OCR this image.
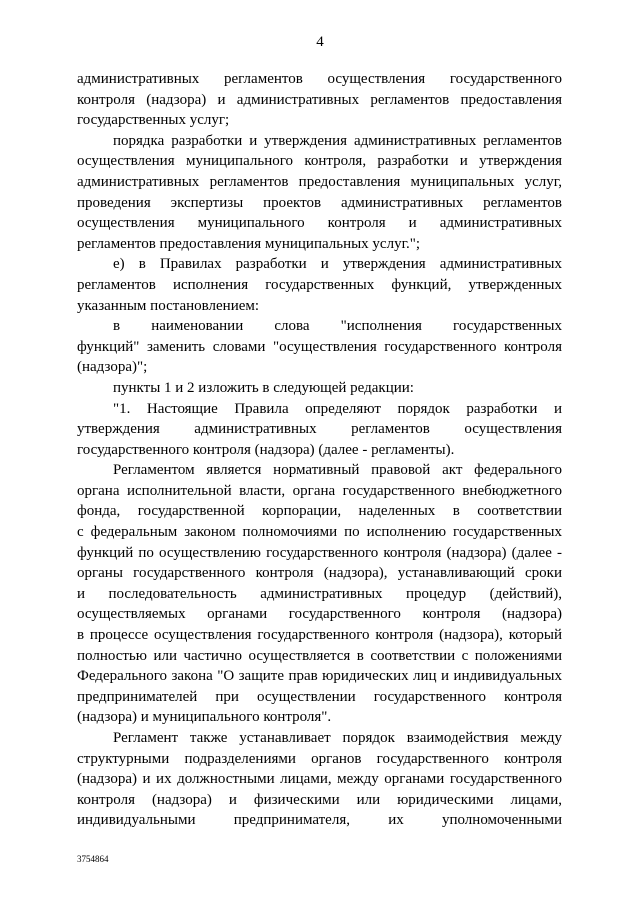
4
административных регламентов осуществления государственного
контроля (надзора) и административных регламентов предоставления
государственных услуг;
порядка разработки и утверждения административных регламентов
осуществления муниципального контроля, разработки и утверждения
административных регламентов предоставления муниципальных услуг,
проведения экспертизы проектов административных регламентов
осуществления муниципального контроля и административных
регламентов предоставления муниципальных услуг.";
е) в Правилах разработки и утверждения административных
регламентов исполнения государственных функций, утвержденных
указанным постановлением:
в наименовании слова "исполнения государственных
функций" заменить словами "осуществления государственного контроля
(надзора)";
пункты 1 и 2 изложить в следующей редакции:
"1. Настоящие Правила определяют порядок разработки и
утверждения административных регламентов осуществления
государственного контроля (надзора) (далее - регламенты).
Регламентом является нормативный правовой акт федерального
органа исполнительной власти, органа государственного внебюджетного
фонда, государственной корпорации, наделенных в соответствии
с федеральным законом полномочиями по исполнению государственных
функций по осуществлению государственного контроля (надзора) (далее -
органы государственного контроля (надзора), устанавливающий сроки
и последовательность административных процедур (действий),
осуществляемых органами государственного контроля (надзора)
в процессе осуществления государственного контроля (надзора), который
полностью или частично осуществляется в соответствии с положениями
Федерального закона "О защите прав юридических лиц и индивидуальных
предпринимателей при осуществлении государственного контроля
(надзора) и муниципального контроля".
Регламент также устанавливает порядок взаимодействия между
структурными подразделениями органов государственного контроля
(надзора) и их должностными лицами, между органами государственного
контроля (надзора) и физическими или юридическими лицами,
индивидуальными предпринимателя, их уполномоченными
3754864
